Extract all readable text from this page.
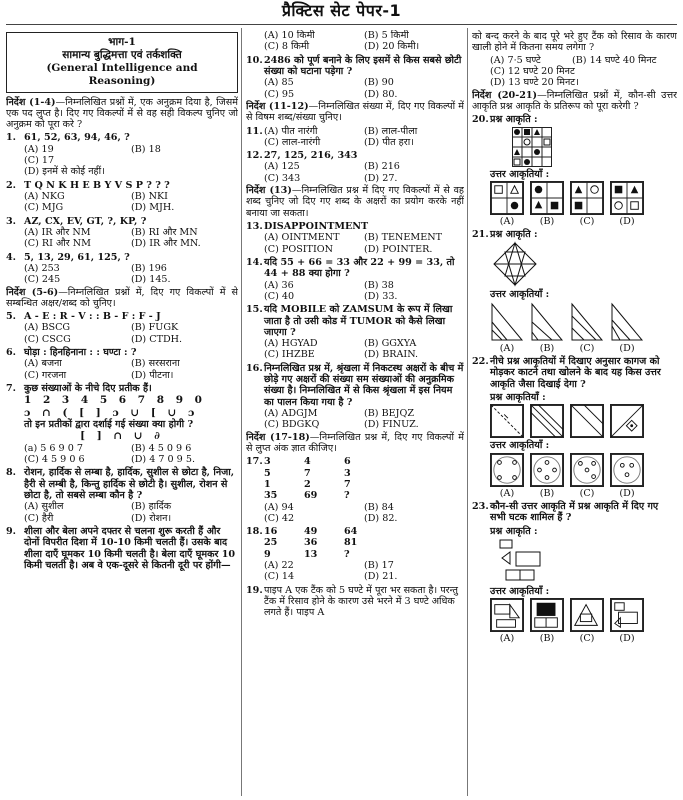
प्रैक्टिस सेट पेपर-1
भाग-1
सामान्य बुद्धिमत्ता एवं तर्कशक्ति
(General Intelligence and
Reasoning)
निर्देश (1-4)—निम्नलिखित प्रश्नों में, एक अनुक्रम दिया है, जिसमें एक पद लुप्त है। दिए गए विकल्पों में से वह सही विकल्प चुनिए जो अनुक्रम को पूरा करे ?
1. 61, 52, 63, 94, 46, ?
(A) 19	(B) 18
(C) 17
(D) इनमें से कोई नहीं।
2. T Q N K H E B Y V S P ? ? ?
(A) NKG	(B) NKI
(C) MJG	(D) MJH.
3. AZ, CX, EV, GT, ?, KP, ?
(A) IR और NM	(B) RI और MN
(C) RI और NM	(D) IR और MN.
4. 5, 13, 29, 61, 125, ?
(A) 253	(B) 196
(C) 245	(D) 145.
निर्देश (5-6)—निम्नलिखित प्रश्नों में, दिए गए विकल्पों में से सम्बन्धित अक्षर/शब्द को चुनिए।
5. A - E : R - V : : B - F : F - J
(A) BSCG	(B) FUGK
(C) CSCG	(D) CTDH.
6. घोड़ा : हिनहिनाना : : घण्टा : ?
(A) बजना	(B) सरसराना
(C) गरजना	(D) पीटना।
7. कुछ संख्याओं के नीचे दिए प्रतीक हैं।
1 2 3 4 5 6 7 8 9 0
ɔ ∩ ( [ ] ɔ ∪ [ ∪ ɔ
तो इन प्रतीकों द्वारा दर्शाई गई संख्या क्या होगी ?
[ ] ∩ ∪ ∂
(a) 5 6 9 0 7	(B) 4 5 0 9 6
(C) 4 5 9 0 6	(D) 4 7 0 9 5.
8. रोशन, हार्दिक से लम्बा है, हार्दिक, सुशील से छोटा है, निजा, हैरी से लम्बी है, किन्तु हार्दिक से छोटी है। सुशील, रोशन से छोटा है, तो सबसे लम्बा कौन है ?
(A) सुशील	(B) हार्दिक
(C) हैरी	(D) रोशन।
9. शीला और बेला अपने दफ्तर से चलना शुरू करती हैं और दोनों विपरीत दिशा में 10-10 किमी चलती हैं। उसके बाद शीला दाएँ घूमकर 10 किमी चलती है। बेला दाएँ घूमकर 10 किमी चलती है। अब वे एक-दूसरे से कितनी दूरी पर होंगी—
(A) 10 किमी	(B) 5 किमी
(C) 8 किमी	(D) 20 किमी।
10. 2486 को पूर्ण बनाने के लिए इसमें से किस सबसे छोटी संख्या को घटाना पड़ेगा ?
(A) 85	(B) 90
(C) 95	(D) 80.
निर्देश (11-12)—निम्नलिखित संख्या में, दिए गए विकल्पों में से विषम शब्द/संख्या चुनिए।
11. (A) पीत नारंगी	(B) लाल-पीला
(C) लाल-नारंगी	(D) पीत हरा।
12. 27, 125, 216, 343
(A) 125	(B) 216
(C) 343	(D) 27.
निर्देश (13)—निम्नलिखित प्रश्न में दिए गए विकल्पों में से वह शब्द चुनिए जो दिए गए शब्द के अक्षरों का प्रयोग करके नहीं बनाया जा सकता।
13. DISAPPOINTMENT
(A) OINTMENT	(B) TENEMENT
(C) POSITION	(D) POINTER.
14. यदि 55 + 66 = 33 और 22 + 99 = 33, तो 44 + 88 क्या होगा ?
(A) 36	(B) 38
(C) 40	(D) 33.
15. यदि MOBILE को ZAMSUM के रूप में लिखा जाता है तो उसी कोड में TUMOR को कैसे लिखा जाएगा ?
(A) HGYAD	(B) GGXYA
(C) IHZBE	(D) BRAIN.
16. निम्नलिखित प्रश्न में, श्रृंखला में निकटस्थ अक्षरों के बीच में छोड़े गए अक्षरों की संख्या सम संख्याओं की अनुक्रमिक संख्या है। निम्नलिखित में से किस श्रृंखला में इस नियम का पालन किया गया है ?
(A) ADGJM	(B) BEJQZ
(C) BDGKQ	(D) FINUZ.
निर्देश (17-18)—निम्नलिखित प्रश्न में, दिए गए विकल्पों में से लुप्त अंक ज्ञात कीजिए।
17. 3	4	6
5	7	3
1	2	7
35	69	?
(A) 94	(B) 84
(C) 42	(D) 82.
18. 16	49	64
25	36	81
9	13	?
(A) 22	(B) 17
(C) 14	(D) 21.
19. पाइप A एक टैंक को 5 घण्टे में पूरा भर सकता है। परन्तु टैंक में रिसाव होने के कारण उसे भरने में 3 घण्टे अधिक लगते हैं। पाइप A
को बन्द करने के बाद पूरे भरे हुए टैंक को रिसाव के कारण खाली होने में कितना समय लगेगा ?
(A) 7·5 घण्टे	(B) 14 घण्टे 40 मिनट
(C) 12 घण्टे 20 मिनट
(D) 13 घण्टे 20 मिनट।
निर्देश (20-21)—निम्नलिखित प्रश्नों में, कौन-सी उत्तर आकृति प्रश्न आकृति के प्रतिरूप को पूरा करेगी ?
20. प्रश्न आकृति :
उत्तर आकृतियाँ :
(A)	(B)	(C)	(D)
21. प्रश्न आकृति :
उत्तर आकृतियाँ :
(A)	(B)	(C)	(D)
22. नीचे प्रश्न आकृतियों में दिखाए अनुसार कागज को मोड़कर काटने तथा खोलने के बाद यह किस उत्तर आकृति जैसा दिखाई देगा ?
प्रश्न आकृतियाँ :
उत्तर आकृतियाँ :
(A)	(B)	(C)	(D)
23. कौन-सी उत्तर आकृति में प्रश्न आकृति में दिए गए सभी घटक शामिल हैं ?
प्रश्न आकृति :
उत्तर आकृतियाँ :
(A)	(B)	(C)	(D)
